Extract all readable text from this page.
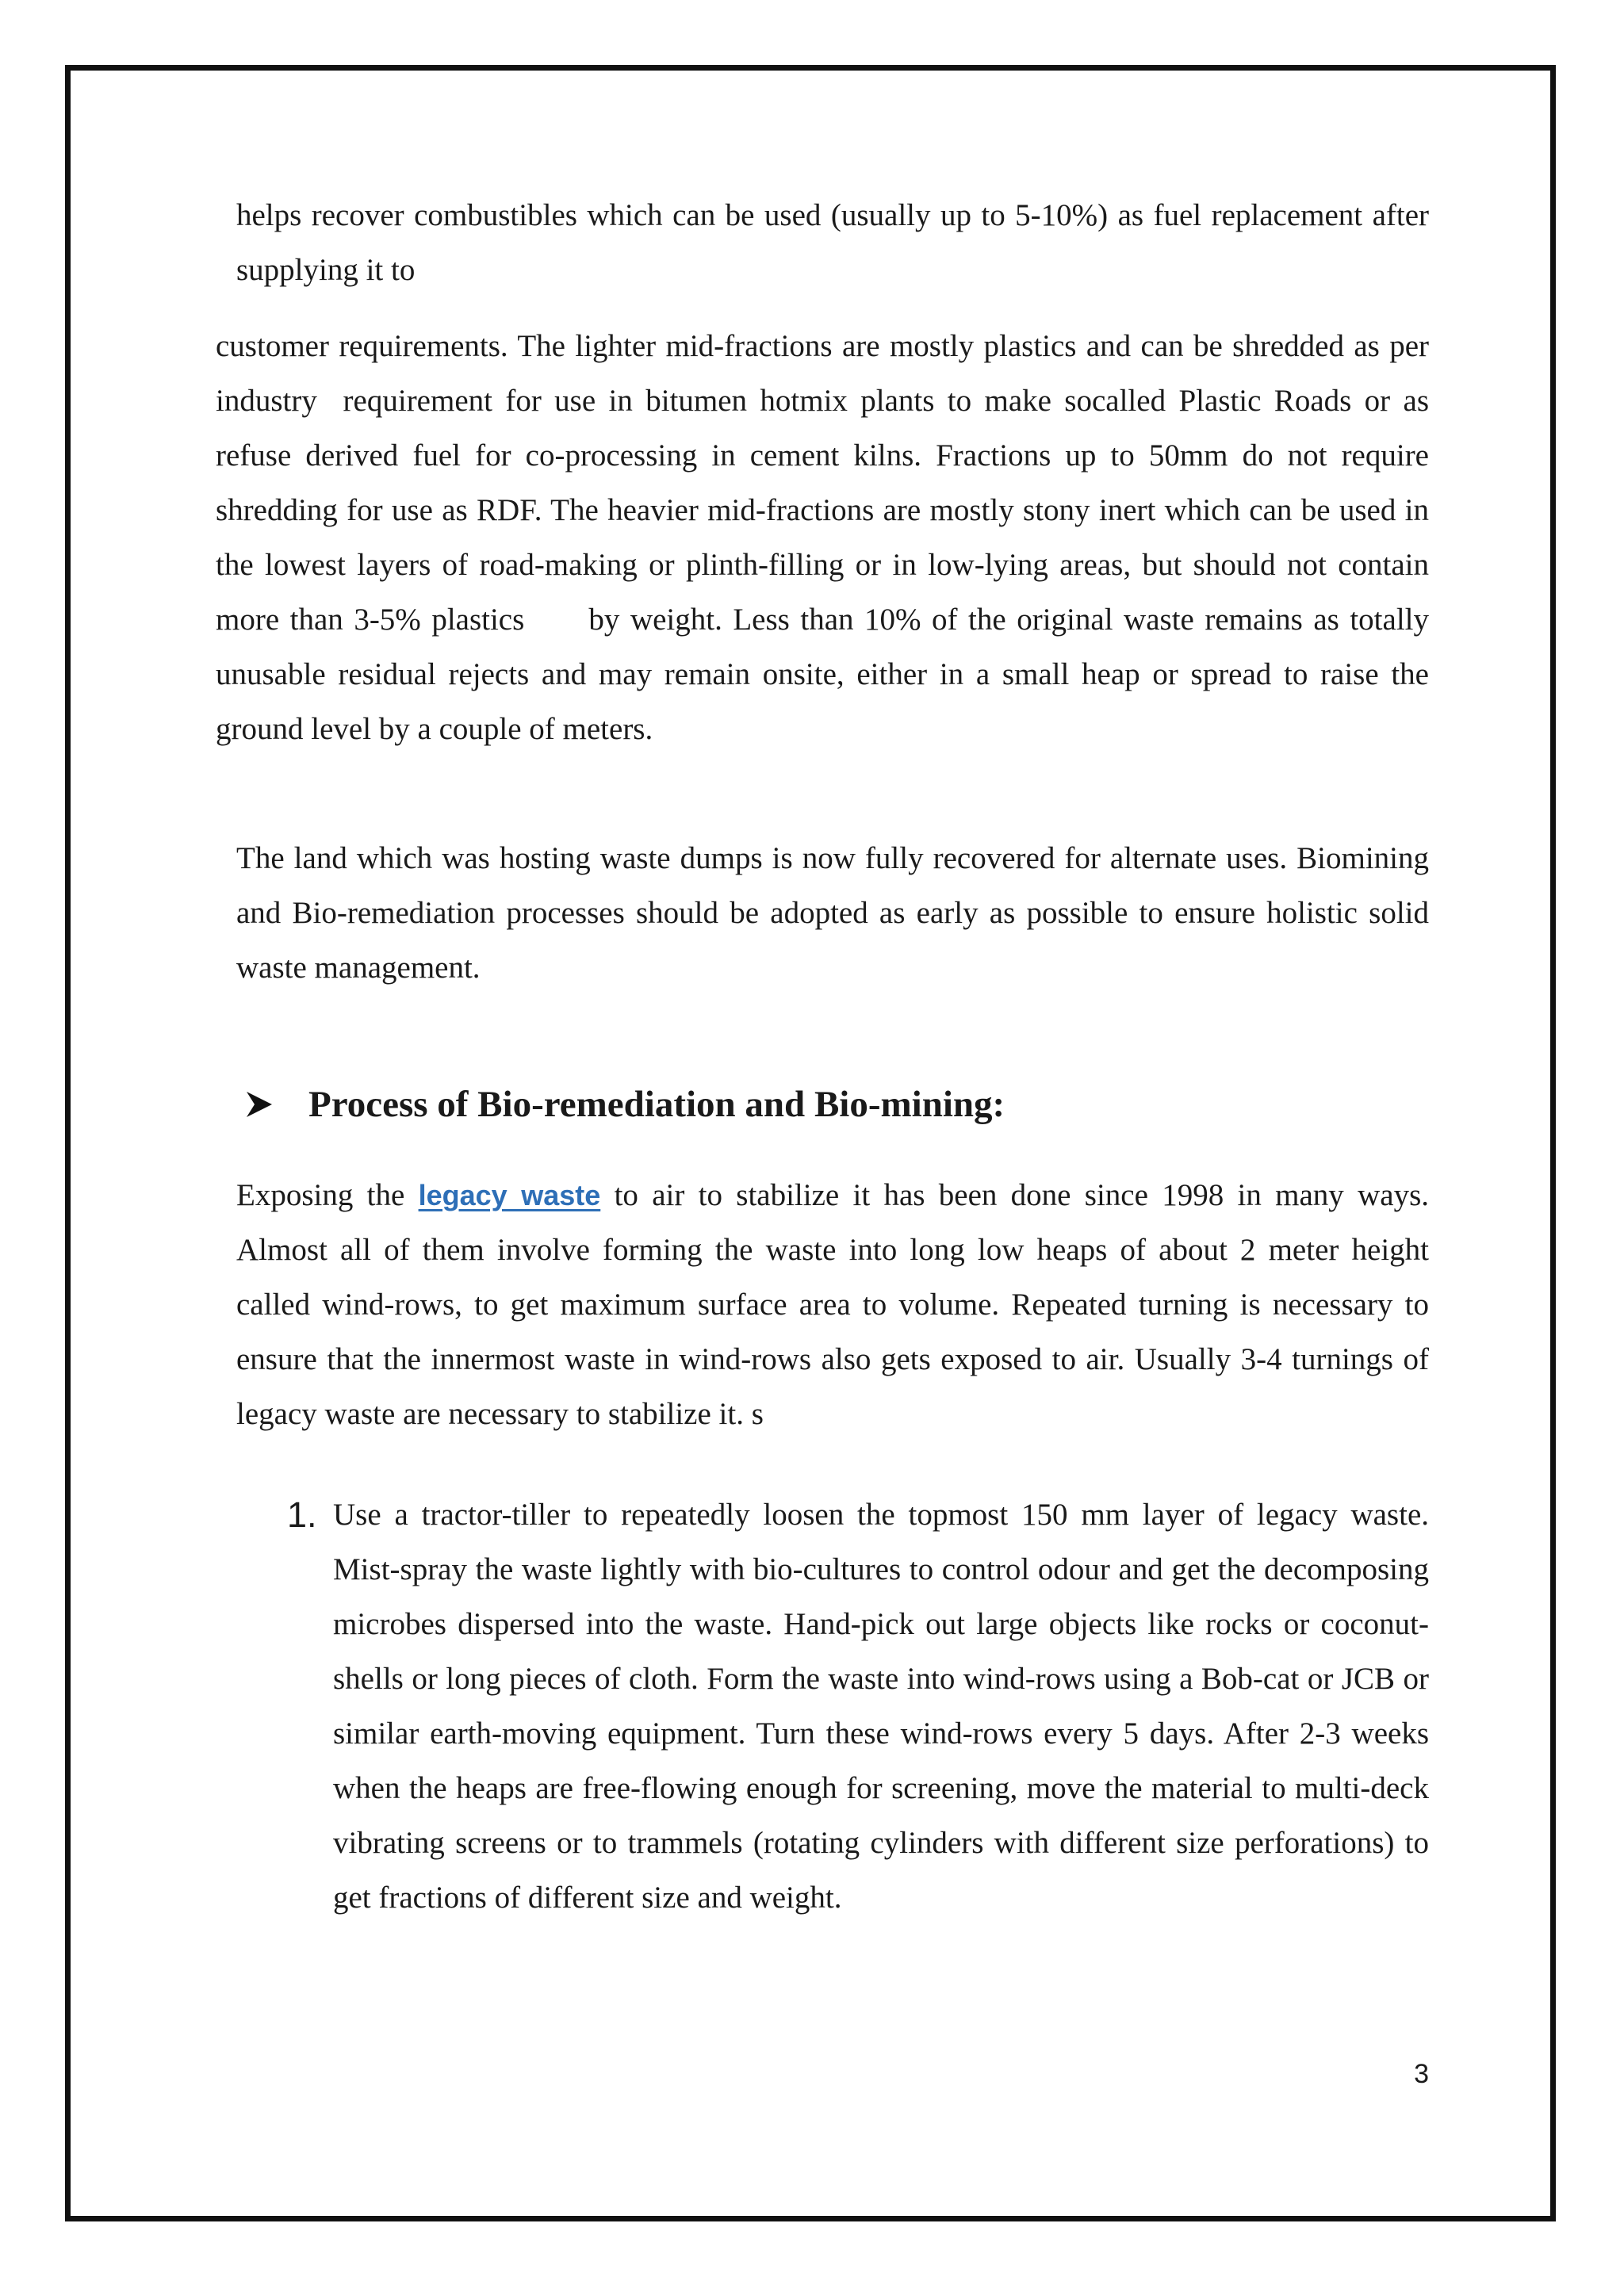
helps recover combustibles which can be used (usually up to 5-10%) as fuel replacement after supplying it to

customer requirements. The lighter mid-fractions are mostly plastics and can be shredded as per industry  requirement for use in bitumen hotmix plants to make socalled Plastic Roads or as refuse derived fuel for co-processing in cement kilns. Fractions up to 50mm do not require shredding for use as RDF. The heavier mid-fractions are mostly stony inert which can be used in the lowest layers of road-making or plinth-filling or in low-lying areas, but should not contain more than 3-5% plastics      by weight. Less than 10% of the original waste remains as totally unusable residual rejects and may remain onsite, either in a small heap or spread to raise the ground level by a couple of meters.

The land which was hosting waste dumps is now fully recovered for alternate uses. Biomining and Bio-remediation processes should be adopted as early as possible to ensure holistic solid waste management.

Process of Bio-remediation and Bio-mining:

Exposing the legacy waste to air to stabilize it has been done since 1998 in many ways. Almost all of them involve forming the waste into long low heaps of about 2 meter height called wind-rows, to get maximum surface area to volume. Repeated turning is necessary to ensure that the innermost waste in wind-rows also gets exposed to air. Usually 3-4 turnings of legacy waste are necessary to stabilize it. s

1. Use a tractor-tiller to repeatedly loosen the topmost 150 mm layer of legacy waste. Mist-spray the waste lightly with bio-cultures to control odour and get the decomposing microbes dispersed into the waste. Hand-pick out large objects like rocks or coconut-shells or long pieces of cloth. Form the waste into wind-rows using a Bob-cat or JCB or similar earth-moving equipment. Turn these wind-rows every 5 days. After 2-3 weeks when the heaps are free-flowing enough for screening, move the material to multi-deck vibrating screens or to trammels (rotating cylinders with different size perforations) to get fractions of different size and weight.

3
